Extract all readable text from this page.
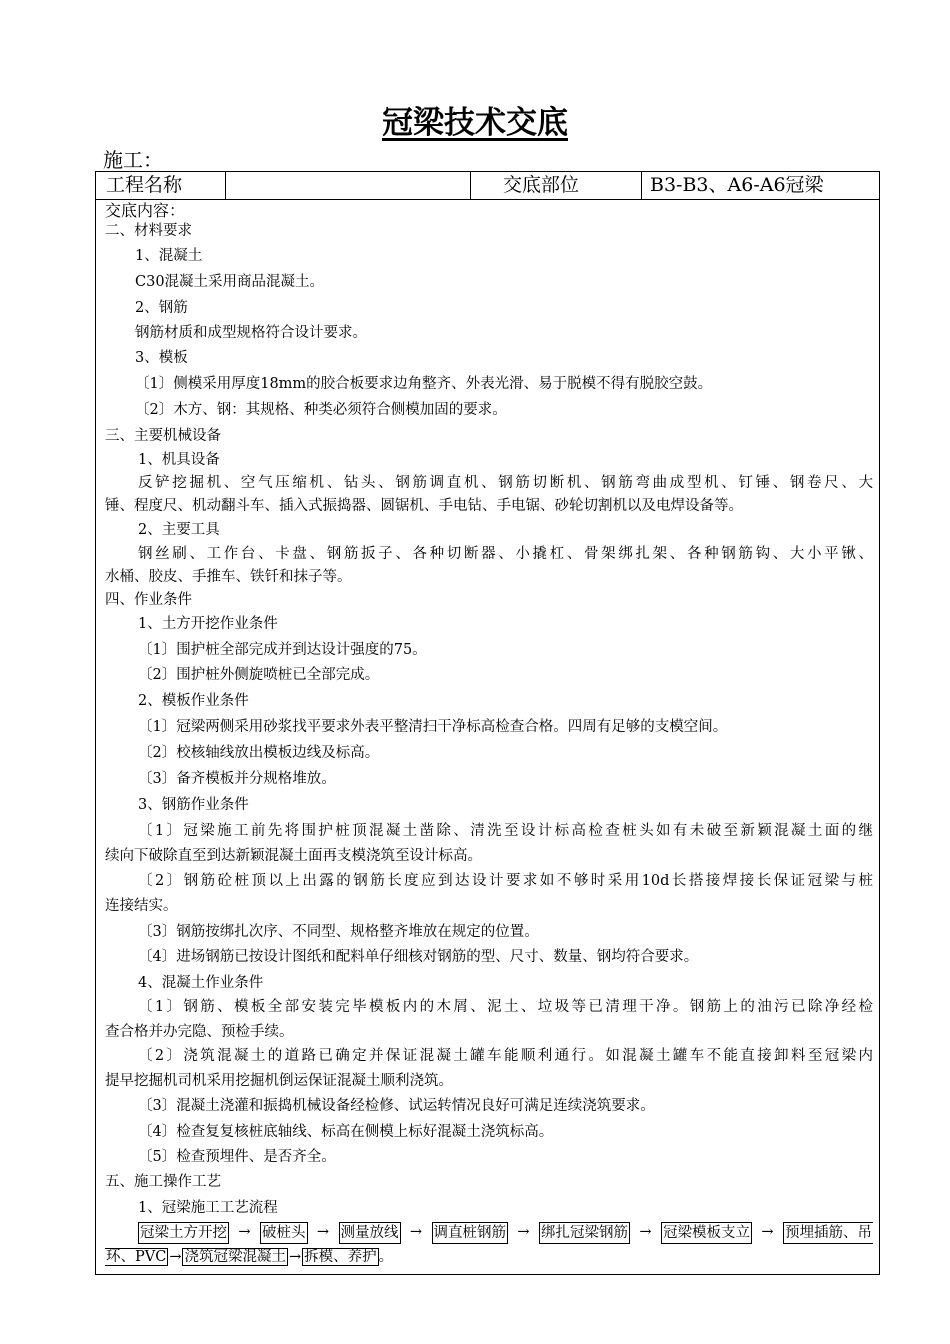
冠梁技术交底
施工：
工程名称	交底部位	B3-B3、A6-A6冠梁
交底内容：
二、材料要求
1、混凝土
C30混凝土采用商品混凝土。
2、钢筋
钢筋材质和成型规格符合设计要求。
3、模板
〔1〕侧模采用厚度18mm的胶合板要求边角整齐、外表光滑、易于脱模不得有脱胶空鼓。
〔2〕木方、钢：其规格、种类必须符合侧模加固的要求。
三、主要机械设备
1、机具设备
反铲挖掘机、空气压缩机、钻头、钢筋调直机、钢筋切断机、钢筋弯曲成型机、钉锤、钢卷尺、大
锤、程度尺、机动翻斗车、插入式振捣器、圆锯机、手电钻、手电锯、砂轮切割机以及电焊设备等。
2、主要工具
钢丝刷、工作台、卡盘、钢筋扳子、各种切断器、小撬杠、骨架绑扎架、各种钢筋钩、大小平锹、
水桶、胶皮、手推车、铁钎和抹子等。
四、作业条件
1、土方开挖作业条件
〔1〕围护桩全部完成并到达设计强度的75。
〔2〕围护桩外侧旋喷桩已全部完成。
2、模板作业条件
〔1〕冠梁两侧采用砂浆找平要求外表平整清扫干净标高检查合格。四周有足够的支模空间。
〔2〕校核轴线放出模板边线及标高。
〔3〕备齐模板并分规格堆放。
3、钢筋作业条件
〔1〕冠梁施工前先将围护桩顶混凝土凿除、清洗至设计标高检查桩头如有未破至新颖混凝土面的继
续向下破除直至到达新颖混凝土面再支模浇筑至设计标高。
〔2〕钢筋砼桩顶以上出露的钢筋长度应到达设计要求如不够时采用10d长搭接焊接长保证冠梁与桩
连接结实。
〔3〕钢筋按绑扎次序、不同型、规格整齐堆放在规定的位置。
〔4〕进场钢筋已按设计图纸和配料单仔细核对钢筋的型、尺寸、数量、钢均符合要求。
4、混凝土作业条件
〔1〕钢筋、模板全部安装完毕模板内的木屑、泥土、垃圾等已清理干净。钢筋上的油污已除净经检
查合格并办完隐、预检手续。
〔2〕浇筑混凝土的道路已确定并保证混凝土罐车能顺利通行。如混凝土罐车不能直接卸料至冠梁内
提早挖掘机司机采用挖掘机倒运保证混凝土顺利浇筑。
〔3〕混凝土浇灌和振捣机械设备经检修、试运转情况良好可满足连续浇筑要求。
〔4〕检查复复核桩底轴线、标高在侧模上标好混凝土浇筑标高。
〔5〕检查预埋件、是否齐全。
五、施工操作工艺
1、冠梁施工工艺流程
冠梁土方开挖 → 破桩头 → 测量放线 → 调直桩钢筋 → 绑扎冠梁钢筋 → 冠梁模板支立 → 预埋插筋、吊
环、PVC → 浇筑冠梁混凝土 → 拆模、养护 。
